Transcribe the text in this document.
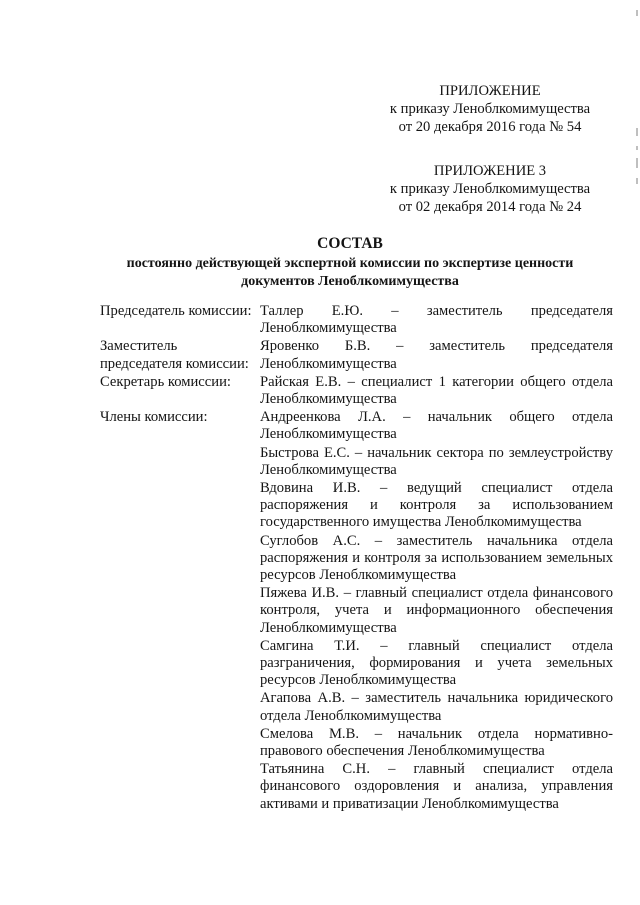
ПРИЛОЖЕНИЕ
к приказу Леноблкомимущества
от 20 декабря 2016 года № 54
ПРИЛОЖЕНИЕ 3
к приказу Леноблкомимущества
от 02 декабря 2014 года № 24
СОСТАВ
постоянно действующей экспертной комиссии по экспертизе ценности
документов Леноблкомимущества
Председатель комиссии: Таллер Е.Ю. – заместитель председателя Леноблкомимущества
Заместитель председателя комиссии:
Яровенко Б.В. – заместитель председателя Леноблкомимущества
Секретарь комиссии:	Райская Е.В. – специалист 1 категории общего отдела Леноблкомимущества
Члены комиссии:	Андреенкова Л.А. – начальник общего отдела Леноблкомимущества
Быстрова Е.С. – начальник сектора по землеустройству Леноблкомимущества
Вдовина И.В. – ведущий специалист отдела распоряжения и контроля за использованием государственного имущества Леноблкомимущества
Суглобов А.С. – заместитель начальника отдела распоряжения и контроля за использованием земельных ресурсов Леноблкомимущества
Пяжева И.В. – главный специалист отдела финансового контроля, учета и информационного обеспечения Леноблкомимущества
Самгина Т.И. – главный специалист отдела разграничения, формирования и учета земельных ресурсов Леноблкомимущества
Агапова А.В. – заместитель начальника юридического отдела Леноблкомимущества
Смелова М.В. – начальник отдела нормативно-правового обеспечения Леноблкомимущества
Татьянина С.Н. – главный специалист отдела финансового оздоровления и анализа, управления активами и приватизации Леноблкомимущества
